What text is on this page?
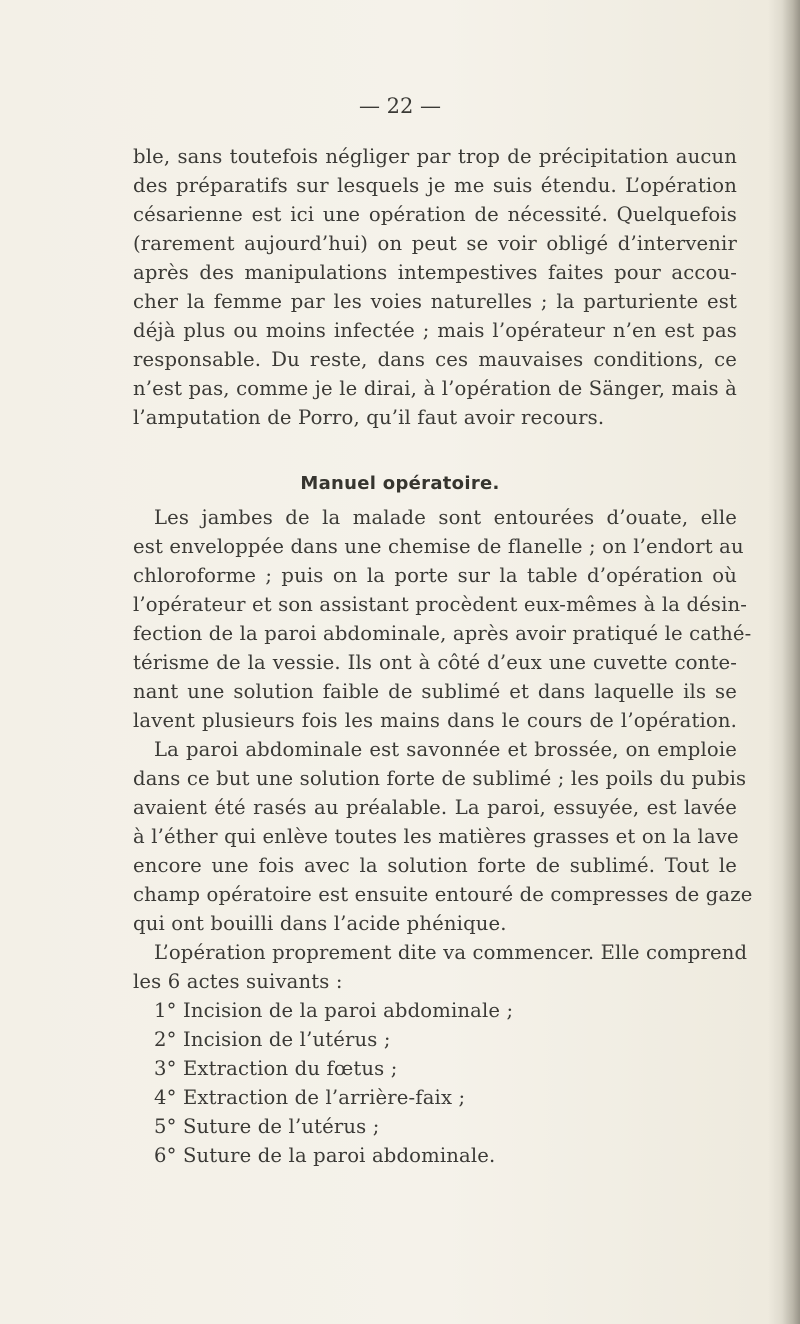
— 22 —
ble, sans toutefois négliger par trop de précipitation aucun
des préparatifs sur lesquels je me suis étendu. L’opération
césarienne est ici une opération de nécessité. Quelquefois
(rarement aujourd’hui) on peut se voir obligé d’intervenir
après des manipulations intempestives faites pour accou-
cher la femme par les voies naturelles ; la parturiente est
déjà plus ou moins infectée ; mais l’opérateur n’en est pas
responsable. Du reste, dans ces mauvaises conditions, ce
n’est pas, comme je le dirai, à l’opération de Sänger, mais à
l’amputation de Porro, qu’il faut avoir recours.
Manuel opératoire.
Les jambes de la malade sont entourées d’ouate, elle
est enveloppée dans une chemise de flanelle ; on l’endort au
chloroforme ; puis on la porte sur la table d’opération où
l’opérateur et son assistant procèdent eux-mêmes à la désin-
fection de la paroi abdominale, après avoir pratiqué le cathé-
térisme de la vessie. Ils ont à côté d’eux une cuvette conte-
nant une solution faible de sublimé et dans laquelle ils se
lavent plusieurs fois les mains dans le cours de l’opération.
La paroi abdominale est savonnée et brossée, on emploie
dans ce but une solution forte de sublimé ; les poils du pubis
avaient été rasés au préalable. La paroi, essuyée, est lavée
à l’éther qui enlève toutes les matières grasses et on la lave
encore une fois avec la solution forte de sublimé. Tout le
champ opératoire est ensuite entouré de compresses de gaze
qui ont bouilli dans l’acide phénique.
L’opération proprement dite va commencer. Elle comprend
les 6 actes suivants :
1° Incision de la paroi abdominale ;
2° Incision de l’utérus ;
3° Extraction du fœtus ;
4° Extraction de l’arrière-faix ;
5° Suture de l’utérus ;
6° Suture de la paroi abdominale.
